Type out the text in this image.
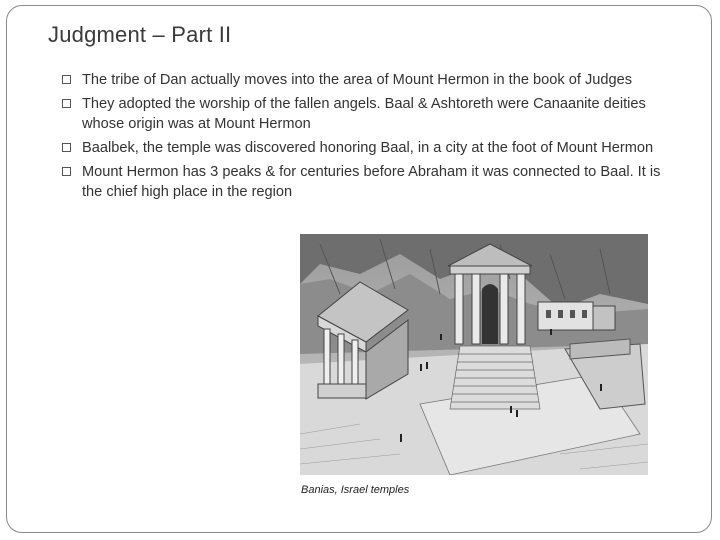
Judgment – Part II
The tribe of Dan actually moves into the area of Mount Hermon in the book of Judges
They adopted the worship of the fallen angels. Baal & Ashtoreth were Canaanite deities whose origin was at Mount Hermon
Baalbek, the temple was discovered honoring Baal, in a city at the foot of Mount Hermon
Mount Hermon has 3 peaks & for centuries before Abraham it was connected to Baal. It is the chief high place in the region
Banias, Israel temples
